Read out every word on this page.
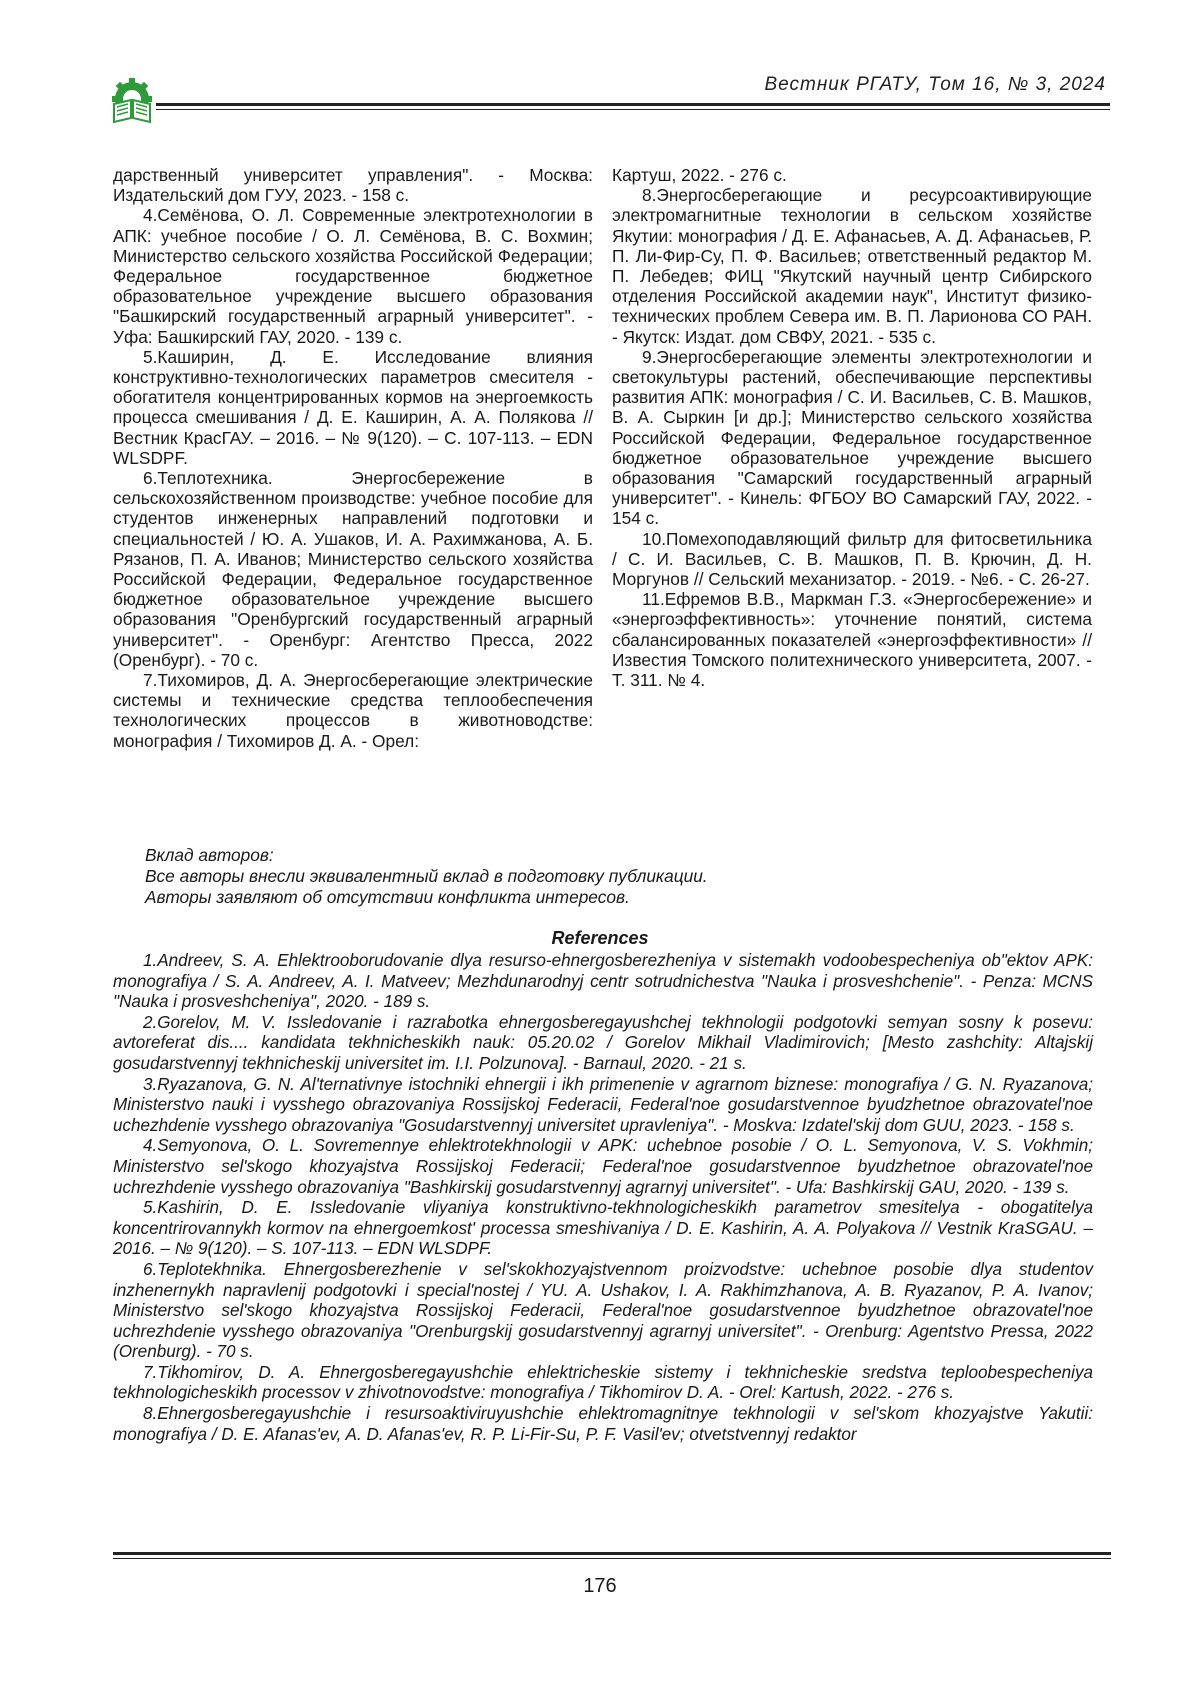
Вестник РГАТУ, Том 16, № 3, 2024

дарственный университет управления". - Москва: Издательский дом ГУУ, 2023. - 158 с.

4.Семёнова, О. Л. Современные электротехнологии в АПК: учебное пособие / О. Л. Семёнова, В. С. Вохмин; Министерство сельского хозяйства Российской Федерации; Федеральное государственное бюджетное образовательное учреждение высшего образования "Башкирский государственный аграрный университет". - Уфа: Башкирский ГАУ, 2020. - 139 с.

5.Каширин, Д. Е. Исследование влияния конструктивно-технологических параметров смесителя - обогатителя концентрированных кормов на энергоемкость процесса смешивания / Д. Е. Каширин, А. А. Полякова // Вестник КрасГАУ. – 2016. – № 9(120). – С. 107-113. – EDN WLSDPF.

6.Теплотехника. Энергосбережение в сельскохозяйственном производстве: учебное пособие для студентов инженерных направлений подготовки и специальностей / Ю. А. Ушаков, И. А. Рахимжанова, А. Б. Рязанов, П. А. Иванов; Министерство сельского хозяйства Российской Федерации, Федеральное государственное бюджетное образовательное учреждение высшего образования "Оренбургский государственный аграрный университет". - Оренбург: Агентство Пресса, 2022 (Оренбург). - 70 с.

7.Тихомиров, Д. А. Энергосберегающие электрические системы и технические средства теплообеспечения технологических процессов в животноводстве: монография / Тихомиров Д. А. - Орел:

Картуш, 2022. - 276 с.

8.Энергосберегающие и ресурсоактивирующие электромагнитные технологии в сельском хозяйстве Якутии: монография / Д. Е. Афанасьев, А. Д. Афанасьев, Р. П. Ли-Фир-Су, П. Ф. Васильев; ответственный редактор М. П. Лебедев; ФИЦ "Якутский научный центр Сибирского отделения Российской академии наук", Институт физико-технических проблем Севера им. В. П. Ларионова СО РАН. - Якутск: Издат. дом СВФУ, 2021. - 535 с.

9.Энергосберегающие элементы электротехнологии и светокультуры растений, обеспечивающие перспективы развития АПК: монография / С. И. Васильев, С. В. Машков, В. А. Сыркин [и др.]; Министерство сельского хозяйства Российской Федерации, Федеральное государственное бюджетное образовательное учреждение высшего образования "Самарский государственный аграрный университет". - Кинель: ФГБОУ ВО Самарский ГАУ, 2022. - 154 с.

10.Помехоподавляющий фильтр для фитосветильника / С. И. Васильев, С. В. Машков, П. В. Крючин, Д. Н. Моргунов // Сельский механизатор. - 2019. - №6. - С. 26-27.

11.Ефремов В.В., Маркман Г.З. «Энергосбережение» и «энергоэффективность»: уточнение понятий, система сбалансированных показателей «энергоэффективности» // Известия Томского политехнического университета, 2007. - Т. 311. № 4.

Вклад авторов:
Все авторы внесли эквивалентный вклад в подготовку публикации.
Авторы заявляют об отсутствии конфликта интересов.
References

1.Andreev, S. A. Ehlektrooborudovanie dlya resurso-ehnergosberezheniya v sistemakh vodoobespecheniya ob"ektov APK: monografiya / S. A. Andreev, A. I. Matveev; Mezhdunarodnyj centr sotrudnichestva "Nauka i prosveshchenie". - Penza: MCNS "Nauka i prosveshcheniya", 2020. - 189 s.

2.Gorelov, M. V. Issledovanie i razrabotka ehnergosberegayushchej tekhnologii podgotovki semyan sosny k posevu: avtoreferat dis.... kandidata tekhnicheskikh nauk: 05.20.02 / Gorelov Mikhail Vladimirovich; [Mesto zashchity: Altajskij gosudarstvennyj tekhnicheskij universitet im. I.I. Polzunova]. - Barnaul, 2020. - 21 s.

3.Ryazanova, G. N. Al'ternativnye istochniki ehnergii i ikh primenenie v agrarnom biznese: monografiya / G. N. Ryazanova; Ministerstvo nauki i vysshego obrazovaniya Rossijskoj Federacii, Federal'noe gosudarstvennoe byudzhetnoe obrazovatel'noe uchezhdenie vysshego obrazovaniya "Gosudarstvennyj universitet upravleniya". - Moskva: Izdatel'skij dom GUU, 2023. - 158 s.

4.Semyonova, O. L. Sovremennye ehlektrotekhnologii v APK: uchebnoe posobie / O. L. Semyonova, V. S. Vokhmin; Ministerstvo sel'skogo khozyajstva Rossijskoj Federacii; Federal'noe gosudarstvennoe byudzhetnoe obrazovatel'noe uchrezhdenie vysshego obrazovaniya "Bashkirskij gosudarstvennyj agrarnyj universitet". - Ufa: Bashkirskij GAU, 2020. - 139 s.

5.Kashirin, D. E. Issledovanie vliyaniya konstruktivno-tekhnologicheskikh parametrov smesitelya - obogatitelya koncentrirovannykh kormov na ehnergoemkost' processa smeshivaniya / D. E. Kashirin, A. A. Polyakova // Vestnik KraSGAU. – 2016. – № 9(120). – S. 107-113. – EDN WLSDPF.

6.Teplotekhnika. Ehnergosberezhenie v sel'skokhozyajstvennom proizvodstve: uchebnoe posobie dlya studentov inzhenernykh napravlenij podgotovki i special'nostej / YU. A. Ushakov, I. A. Rakhimzhanova, A. B. Ryazanov, P. A. Ivanov; Ministerstvo sel'skogo khozyajstva Rossijskoj Federacii, Federal'noe gosudarstvennoe byudzhetnoe obrazovatel'noe uchrezhdenie vysshego obrazovaniya "Orenburgskij gosudarstvennyj agrarnyj universitet". - Orenburg: Agentstvo Pressa, 2022 (Orenburg). - 70 s.

7.Tikhomirov, D. A. Ehnergosberegayushchie ehlektricheskie sistemy i tekhnicheskie sredstva teploobespecheniya tekhnologicheskikh processov v zhivotnovodstve: monografiya / Tikhomirov D. A. - Orel: Kartush, 2022. - 276 s.

8.Ehnergosberegayushchie i resursoaktiviruyushchie ehlektromagnitnye tekhnologii v sel'skom khozyajstve Yakutii: monografiya / D. E. Afanas'ev, A. D. Afanas'ev, R. P. Li-Fir-Su, P. F. Vasil'ev; otvetstvennyj redaktor

176
